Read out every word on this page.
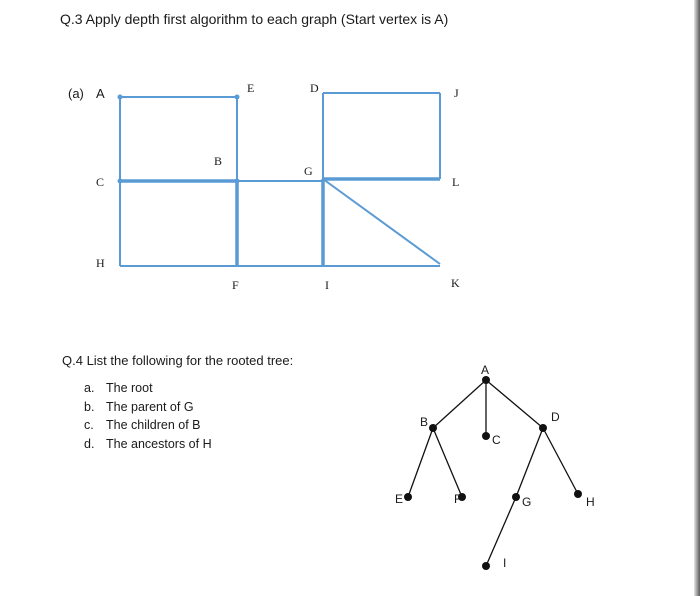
Q.3 Apply depth first algorithm to each graph (Start vertex is A)
(a) A	E	D	J
B
G
C	L
H
F	I	K
A
B
C
D
E	F	G	H
I
Q.4 List the following for the rooted tree:
a. The root
b. The parent of G
c. The children of B
d. The ancestors of H
